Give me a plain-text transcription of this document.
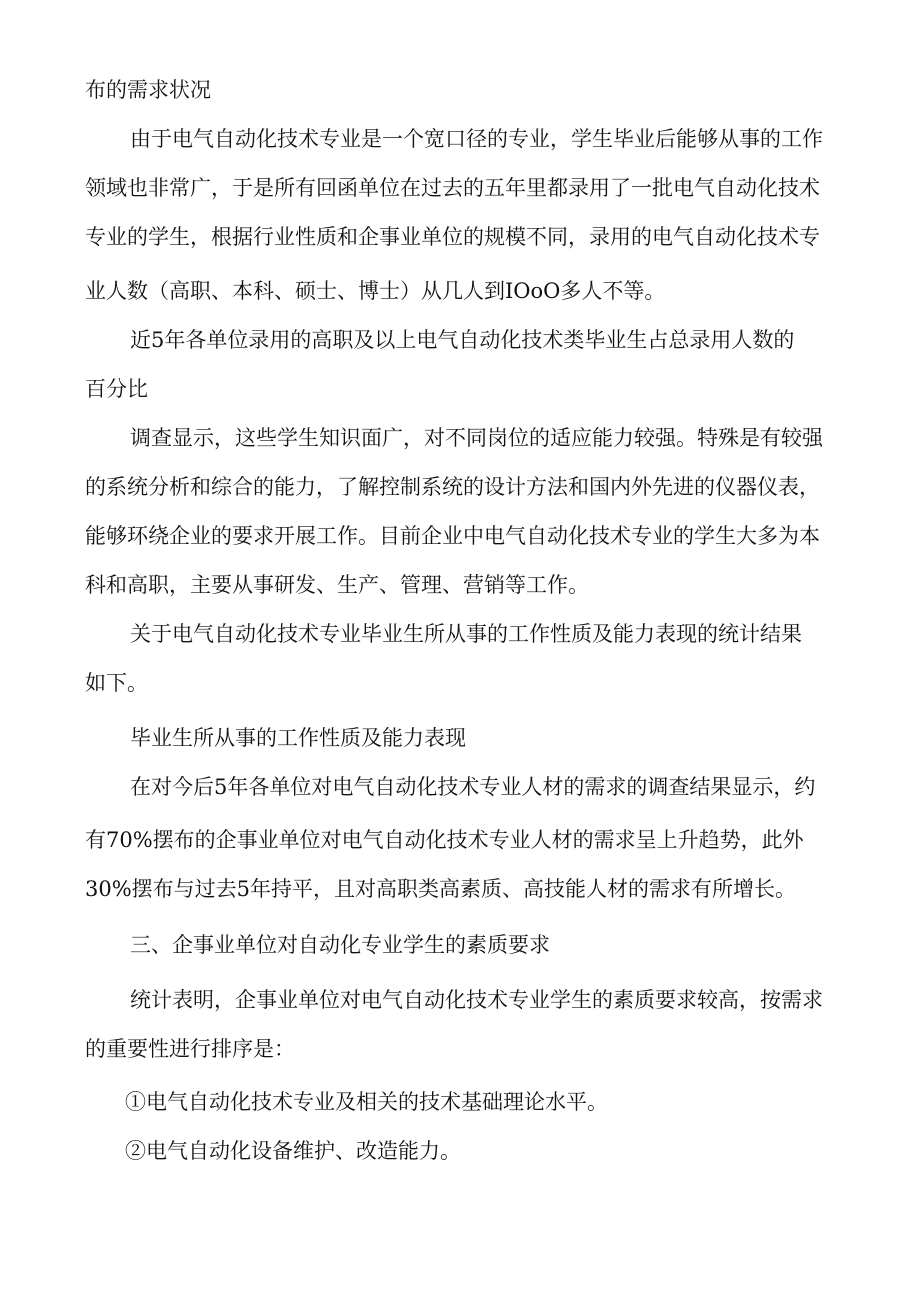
布的需求状况
由于电气自动化技术专业是一个宽口径的专业，学生毕业后能够从事的工作
领域也非常广，于是所有回函单位在过去的五年里都录用了一批电气自动化技术
专业的学生，根据行业性质和企事业单位的规模不同，录用的电气自动化技术专
业人数（高职、本科、硕士、博士）从几人到IOoO多人不等。
近5年各单位录用的高职及以上电气自动化技术类毕业生占总录用人数的
百分比
调查显示，这些学生知识面广，对不同岗位的适应能力较强。特殊是有较强
的系统分析和综合的能力，了解控制系统的设计方法和国内外先进的仪器仪表，
能够环绕企业的要求开展工作。目前企业中电气自动化技术专业的学生大多为本
科和高职，主要从事研发、生产、管理、营销等工作。
关于电气自动化技术专业毕业生所从事的工作性质及能力表现的统计结果
如下。
毕业生所从事的工作性质及能力表现
在对今后5年各单位对电气自动化技术专业人材的需求的调查结果显示，约
有70%摆布的企事业单位对电气自动化技术专业人材的需求呈上升趋势，此外
30%摆布与过去5年持平，且对高职类高素质、高技能人材的需求有所增长。
三、企事业单位对自动化专业学生的素质要求
统计表明，企事业单位对电气自动化技术专业学生的素质要求较高，按需求
的重要性进行排序是：
①电气自动化技术专业及相关的技术基础理论水平。
②电气自动化设备维护、改造能力。
